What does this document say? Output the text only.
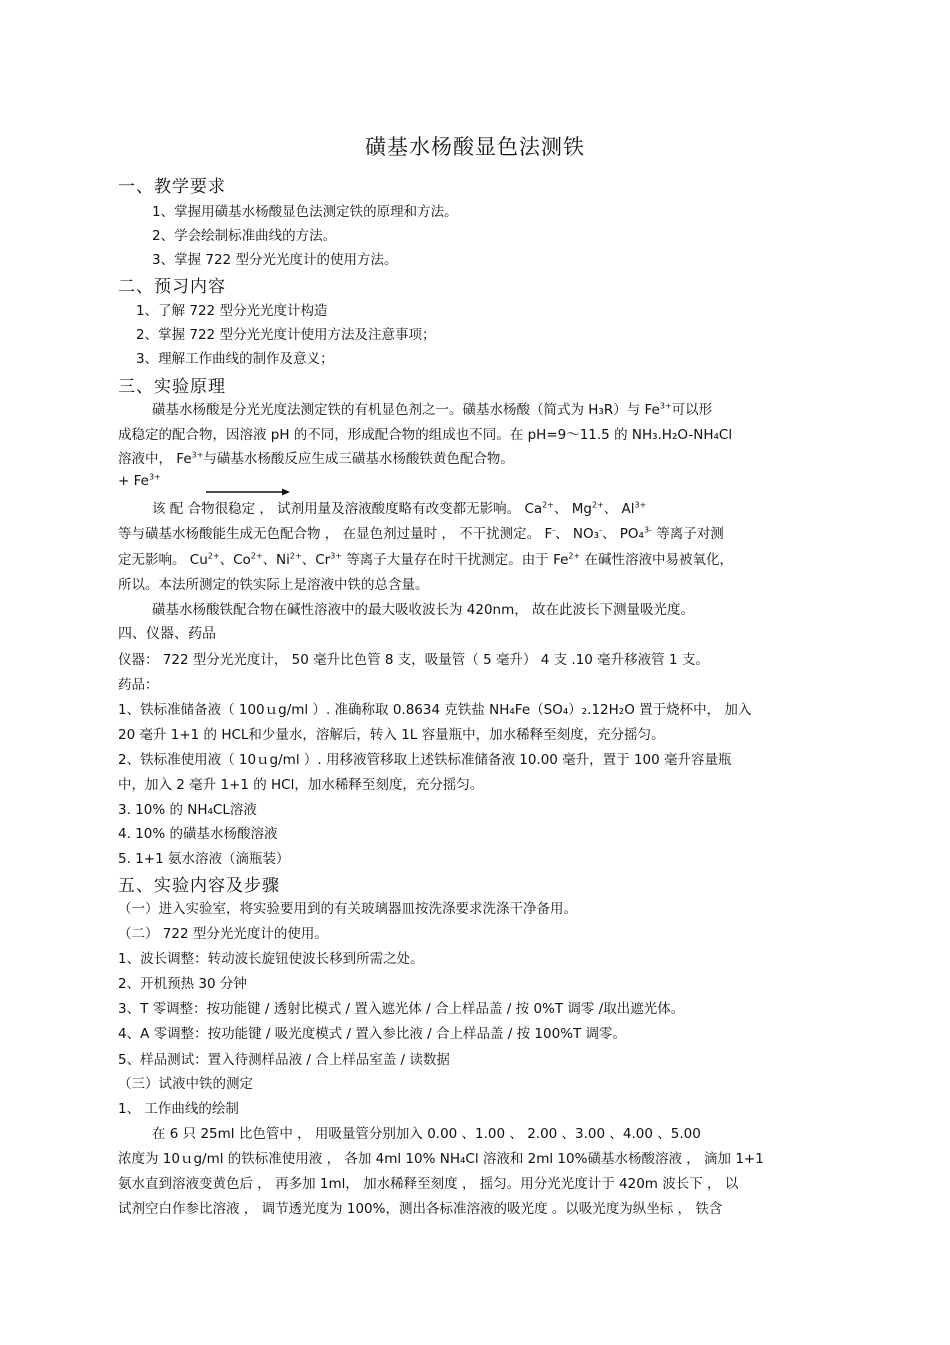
磺基水杨酸显色法测铁
一、教学要求
1、掌握用磺基水杨酸显色法测定铁的原理和方法。
2、学会绘制标准曲线的方法。
3、掌握 722 型分光光度计的使用方法。
二、预习内容
1、了解 722 型分光光度计构造
2、掌握 722 型分光光度计使用方法及注意事项；
3、理解工作曲线的制作及意义；
三、实验原理
磺基水杨酸是分光光度法测定铁的有机显色剂之一。磺基水杨酸（简式为 H₃R）与 $Fe^{3+}$可以形
成稳定的配合物，因溶液 pH 的不同，形成配合物的组成也不同。在 pH=9～11.5 的 NH₃.H₂O-NH₄Cl
溶液中， $Fe^{3+}$与磺基水杨酸反应生成三磺基水杨酸铁黄色配合物。
+ $Fe^{3+}$
该 配 合物很稳定 ， 试剂用量及溶液酸度略有改变都无影响。 $Ca^{2+}$、 $Mg^{2+}$、 $Al^{3+}$
等与磺基水杨酸能生成无色配合物 ， 在显色剂过量时 ， 不干扰测定。 F-、 NO₃-、 PO₄$^{3-}$ 等离子对测
定无影响。 $Cu^{2+}$、$Co^{2+}$、$Ni^{2+}$、$Cr^{3+}$ 等离子大量存在时干扰测定。由于 $Fe^{2+}$ 在碱性溶液中易被氧化，
所以。本法所测定的铁实际上是溶液中铁的总含量。
磺基水杨酸铁配合物在碱性溶液中的最大吸收波长为 420nm， 故在此波长下测量吸光度。
四、仪器、药品
仪器： 722 型分光光度计， 50 毫升比色管 8 支，吸量管（ 5 毫升） 4 支 .10 毫升移液管 1 支。
药品：
1、铁标准储备液（ 100ｕg/ml ）. 准确称取 0.8634 克铁盐 NH₄Fe（SO₄）₂.12H₂O 置于烧杯中， 加入
20 毫升 1+1 的 HCL和少量水，溶解后，转入 1L 容量瓶中，加水稀释至刻度，充分摇匀。
2、铁标准使用液（ 10ｕg/ml ）. 用移液管移取上述铁标准储备液 10.00 毫升，置于 100 毫升容量瓶
中，加入 2 毫升 1+1 的 HCl，加水稀释至刻度，充分摇匀。
3. 10% 的 NH₄CL溶液
4. 10% 的磺基水杨酸溶液
5. 1+1 氨水溶液（滴瓶装）
五、实验内容及步骤
（一）进入实验室，将实验要用到的有关玻璃器皿按洗涤要求洗涤干净备用。
（二） 722 型分光光度计的使用。
1、波长调整：转动波长旋钮使波长移到所需之处。
2、开机预热 30 分钟
3、T 零调整：按功能键 / 透射比模式 / 置入遮光体 / 合上样品盖 / 按 0%T 调零 /取出遮光体。
4、A 零调整：按功能键 / 吸光度模式 / 置入参比液 / 合上样品盖 / 按 100%T 调零。
5、样品测试：置入待测样品液 / 合上样品室盖 / 读数据
（三）试液中铁的测定
1、 工作曲线的绘制
在 6 只 25ml 比色管中 ， 用吸量管分别加入 0.00 、1.00 、 2.00 、3.00 、4.00 、5.00
浓度为 10ｕg/ml 的铁标准使用液 ， 各加 4ml 10% NH₄Cl 溶液和 2ml 10%磺基水杨酸溶液 ， 滴加 1+1
氨水直到溶液变黄色后 ， 再多加 1ml， 加水稀释至刻度 ， 摇匀。用分光光度计于 420m 波长下 ， 以
试剂空白作参比溶液 ， 调节透光度为 100%，测出各标准溶液的吸光度 。以吸光度为纵坐标 ， 铁含
